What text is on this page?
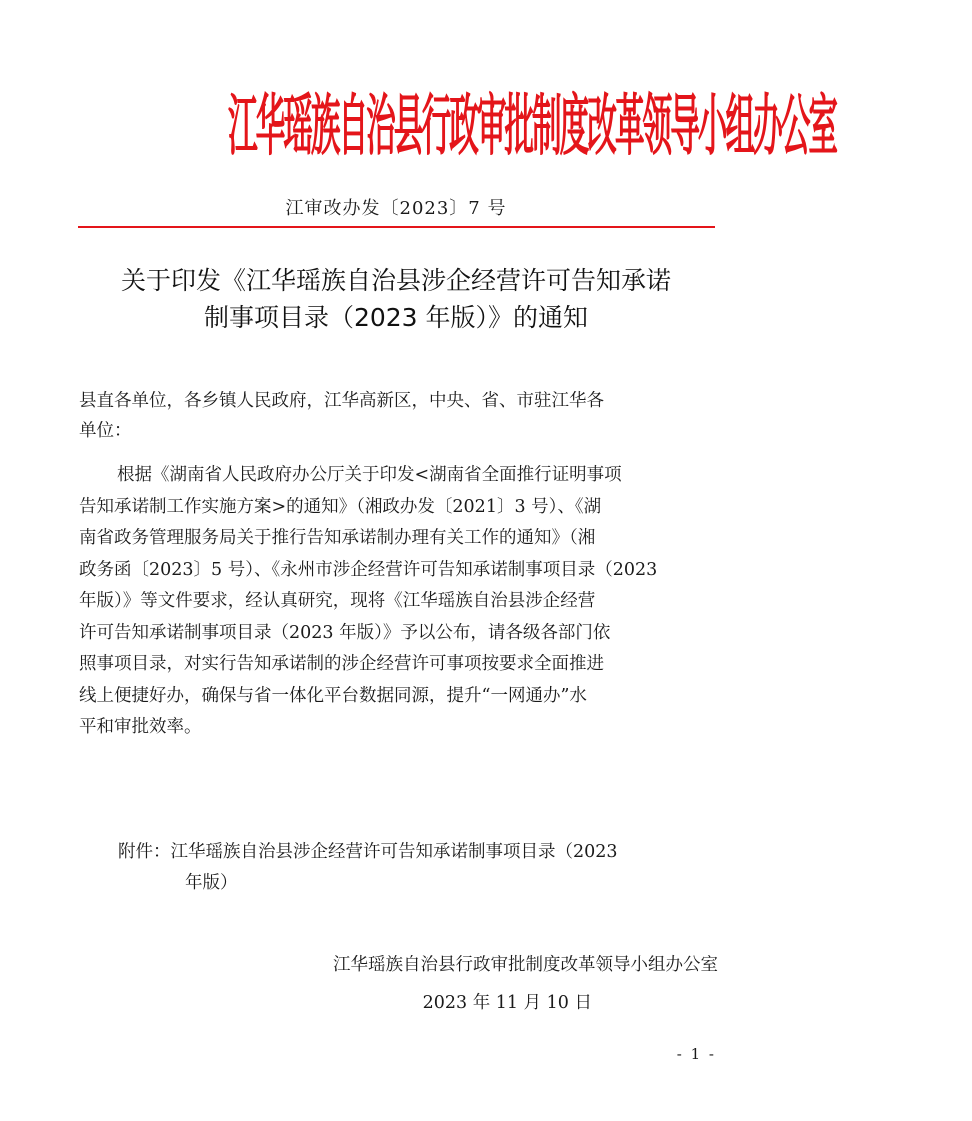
江华瑶族自治县行政审批制度改革领导小组办公室
江审改办发〔2023〕7 号
关于印发《江华瑶族自治县涉企经营许可告知承诺
制事项目录（2023 年版）》的通知
县直各单位，各乡镇人民政府，江华高新区，中央、省、市驻江华各
单位：
根据《湖南省人民政府办公厅关于印发<湖南省全面推行证明事项
告知承诺制工作实施方案>的通知》（湘政办发〔2021〕3 号）、《湖
南省政务管理服务局关于推行告知承诺制办理有关工作的通知》（湘
政务函〔2023〕5 号）、《永州市涉企经营许可告知承诺制事项目录（2023
年版）》等文件要求，经认真研究，现将《江华瑶族自治县涉企经营
许可告知承诺制事项目录（2023 年版）》予以公布，请各级各部门依
照事项目录，对实行告知承诺制的涉企经营许可事项按要求全面推进
线上便捷好办，确保与省一体化平台数据同源，提升“一网通办”水
平和审批效率。
附件：江华瑶族自治县涉企经营许可告知承诺制事项目录（2023
年版）
江华瑶族自治县行政审批制度改革领导小组办公室
2023 年 11 月 10 日
- 1 -
